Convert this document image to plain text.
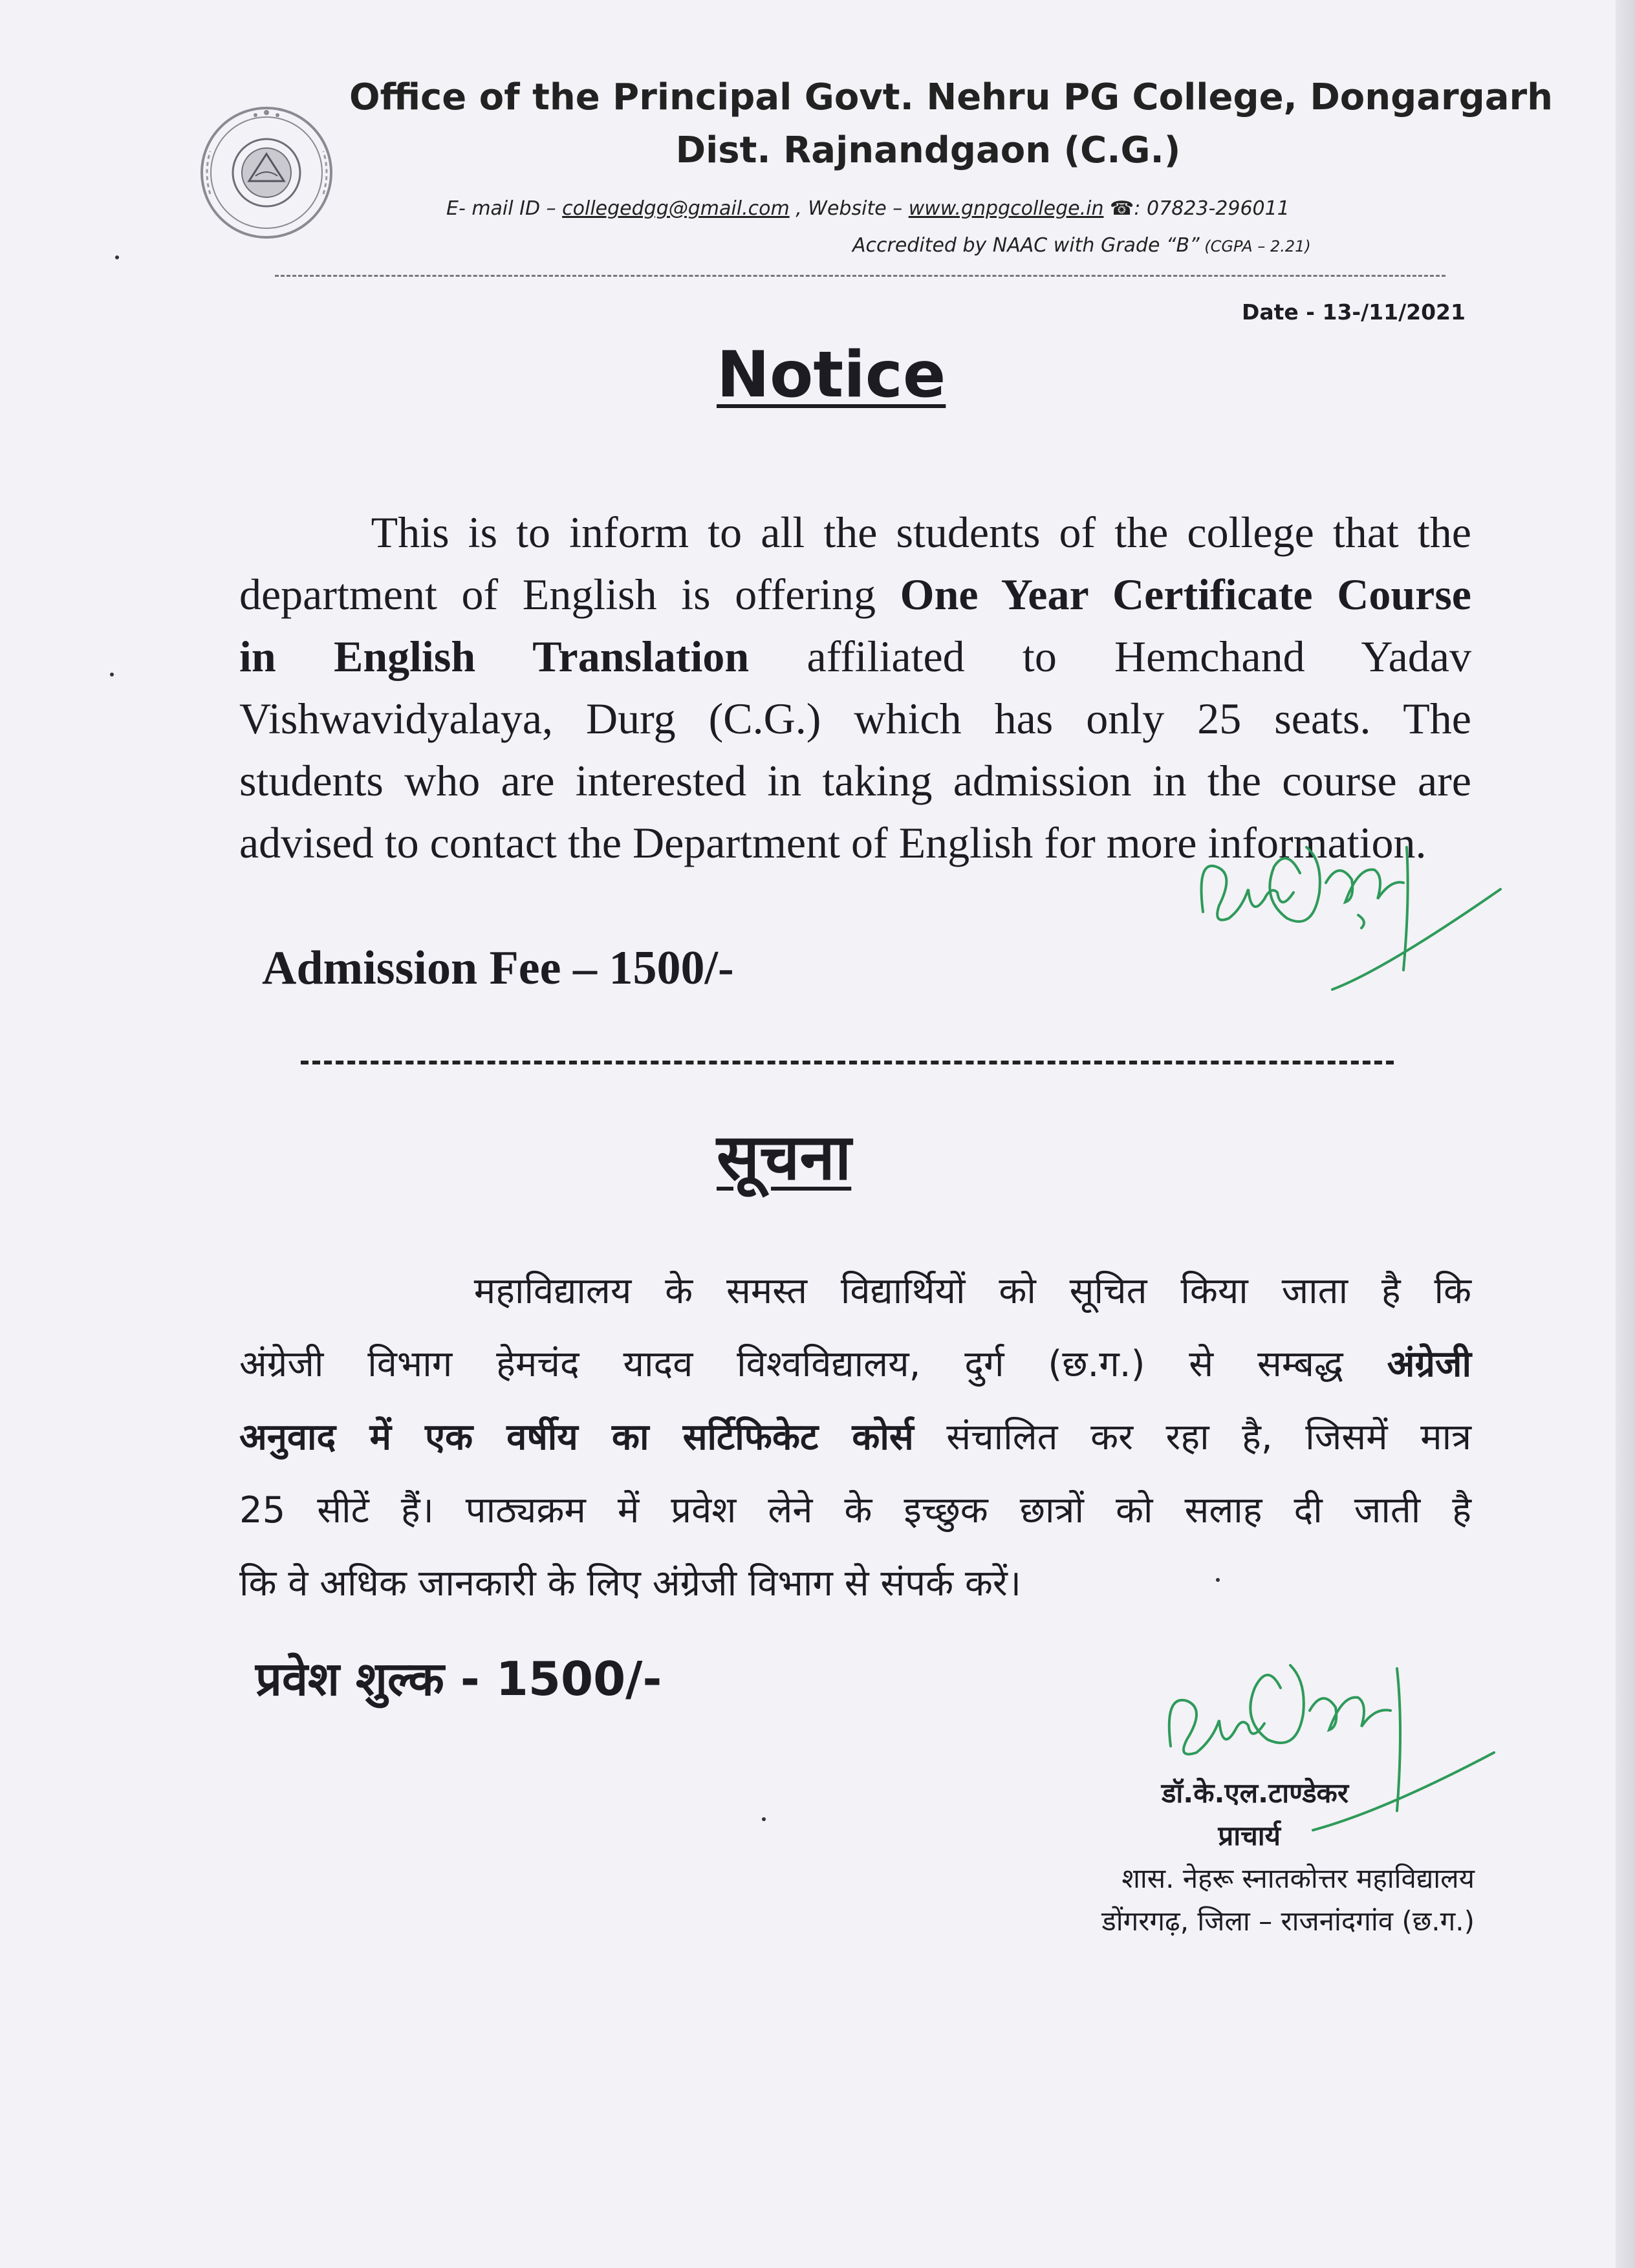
Office of the Principal Govt. Nehru PG College, Dongargarh
Dist. Rajnandgaon (C.G.)
E- mail ID – collegedgg@gmail.com , Website – www.gnpgcollege.in ☎: 07823-296011
Accredited by NAAC with Grade “B” (CGPA – 2.21)
Date - 13-/11/2021
Notice
This is to inform to all the students of the college that the
department of English is offering One Year Certificate Course
in English Translation affiliated to Hemchand Yadav
Vishwavidyalaya, Durg (C.G.) which has only 25 seats. The
students who are interested in taking admission in the course are
advised to contact the Department of English for more information.
Admission Fee – 1500/-
सूचना
महाविद्यालय के समस्त विद्यार्थियों को सूचित किया जाता है कि
अंग्रेजी विभाग हेमचंद यादव विश्वविद्यालय, दुर्ग (छ.ग.) से सम्बद्ध अंग्रेजी
अनुवाद में एक वर्षीय का सर्टिफिकेट कोर्स संचालित कर रहा है, जिसमें मात्र
25 सीटें हैं। पाठ्यक्रम में प्रवेश लेने के इच्छुक छात्रों को सलाह दी जाती है
कि वे अधिक जानकारी के लिए अंग्रेजी विभाग से संपर्क करें।
प्रवेश शुल्क - 1500/-
डॉ.के.एल.टाण्डेकर
प्राचार्य
शास. नेहरू स्नातकोत्तर महाविद्यालय
डोंगरगढ़, जिला – राजनांदगांव (छ.ग.)
